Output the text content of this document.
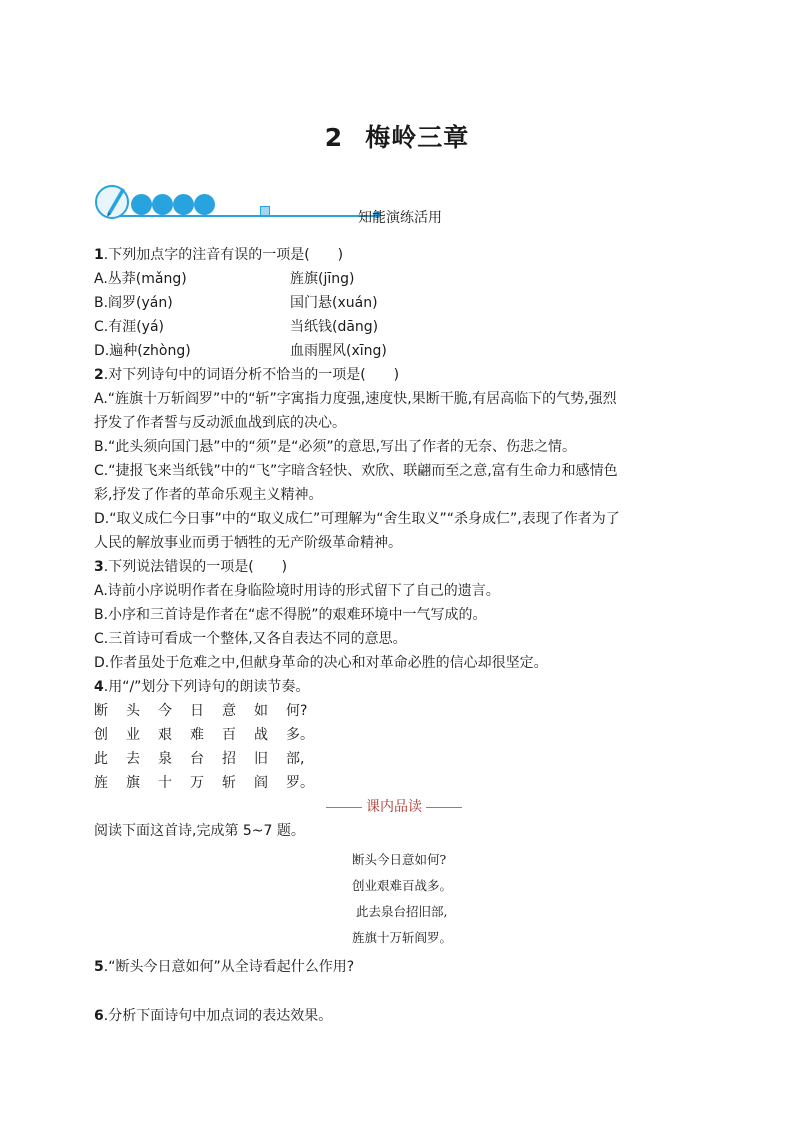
2 梅岭三章
知能演练活用

1.下列加点字的注音有误的一项是(　　)

A.丛莽(mǎng)	旌旗(jīng)
B.阎罗(yán)	国门悬(xuán)
C.有涯(yá)	当纸钱(dāng)
D.遍种(zhòng)	血雨腥风(xīng)

2.对下列诗句中的词语分析不恰当的一项是(　　)

A.“旌旗十万斩阎罗”中的“斩”字寓指力度强,速度快,果断干脆,有居高临下的气势,强烈

抒发了作者誓与反动派血战到底的决心。

B.“此头须向国门悬”中的“须”是“必须”的意思,写出了作者的无奈、伤悲之情。

C.“捷报飞来当纸钱”中的“飞”字暗含轻快、欢欣、联翩而至之意,富有生命力和感情色

彩,抒发了作者的革命乐观主义精神。

D.“取义成仁今日事”中的“取义成仁”可理解为“舍生取义”“杀身成仁”,表现了作者为了

人民的解放事业而勇于牺牲的无产阶级革命精神。

3.下列说法错误的一项是(　　)

A.诗前小序说明作者在身临险境时用诗的形式留下了自己的遗言。

B.小序和三首诗是作者在“虑不得脱”的艰难环境中一气写成的。

C.三首诗可看成一个整体,又各自表达不同的意思。

D.作者虽处于危难之中,但献身革命的决心和对革命必胜的信心却很坚定。

4.用“/”划分下列诗句的朗读节奏。

断	头	今	日	意	如	何?
创	业	艰	难	百	战	多。
此	去	泉	台	招	旧	部,
旌	旗	十	万	斩	阎	罗。

课内品读

阅读下面这首诗,完成第 5~7 题。

断头今日意如何?
创业艰难百战多。
此去泉台招旧部,
旌旗十万斩阎罗。

5.“断头今日意如何”从全诗看起什么作用?

6.分析下面诗句中加点词的表达效果。
